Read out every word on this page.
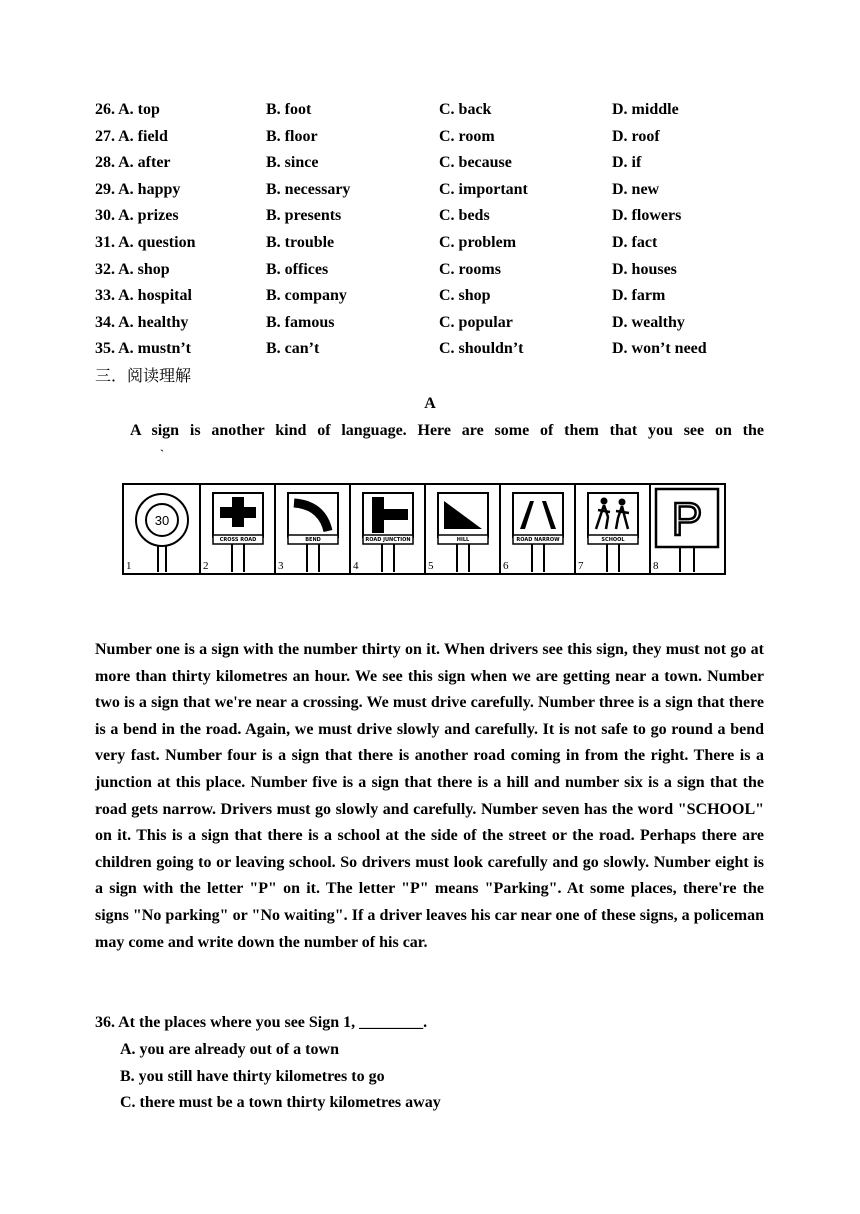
26. A. top	B. foot	C. back	D. middle
27. A. field	B. floor	C. room	D. roof
28. A. after	B. since	C. because	D. if
29. A. happy	B. necessary	C. important	D. new
30. A. prizes	B. presents	C. beds	D. flowers
31. A. question	B. trouble	C. problem	D. fact
32. A. shop	B. offices	C. rooms	D. houses
33. A. hospital	B. company	C. shop	D. farm
34. A. healthy	B. famous	C. popular	D. wealthy
35. A. mustn’t	B. can’t	C. shouldn’t	D. won’t need
三．阅读理解
A
A sign is another kind of language. Here are some of them that you see on the
`
30
CROSS ROAD	BEND	ROAD JUNCTION	HILL	ROAD NARROW	SCHOOL P
1	2	3	4	5	6	7	8
Number one is a sign with the number thirty on it. When drivers see this sign, they must not go at more than thirty kilometres an hour. We see this sign when we are getting near a town. Number two is a sign that we're near a crossing. We must drive carefully. Number three is a sign that there is a bend in the road. Again, we must drive slowly and carefully. It is not safe to go round a bend very fast. Number four is a sign that there is another road coming in from the right. There is a junction at this place. Number five is a sign that there is a hill and number six is a sign that the road gets narrow. Drivers must go slowly and carefully. Number seven has the word "SCHOOL" on it. This is a sign that there is a school at the side of the street or the road. Perhaps there are children going to or leaving school. So drivers must look carefully and go slowly. Number eight is a sign with the letter "P" on it. The letter "P" means "Parking". At some places, there're the signs "No parking" or "No waiting". If a driver leaves his car near one of these signs, a policeman may come and write down the number of his car.
36. At the places where you see Sign 1, ________.
A. you are already out of a town
B. you still have thirty kilometres to go
C. there must be a town thirty kilometres away
